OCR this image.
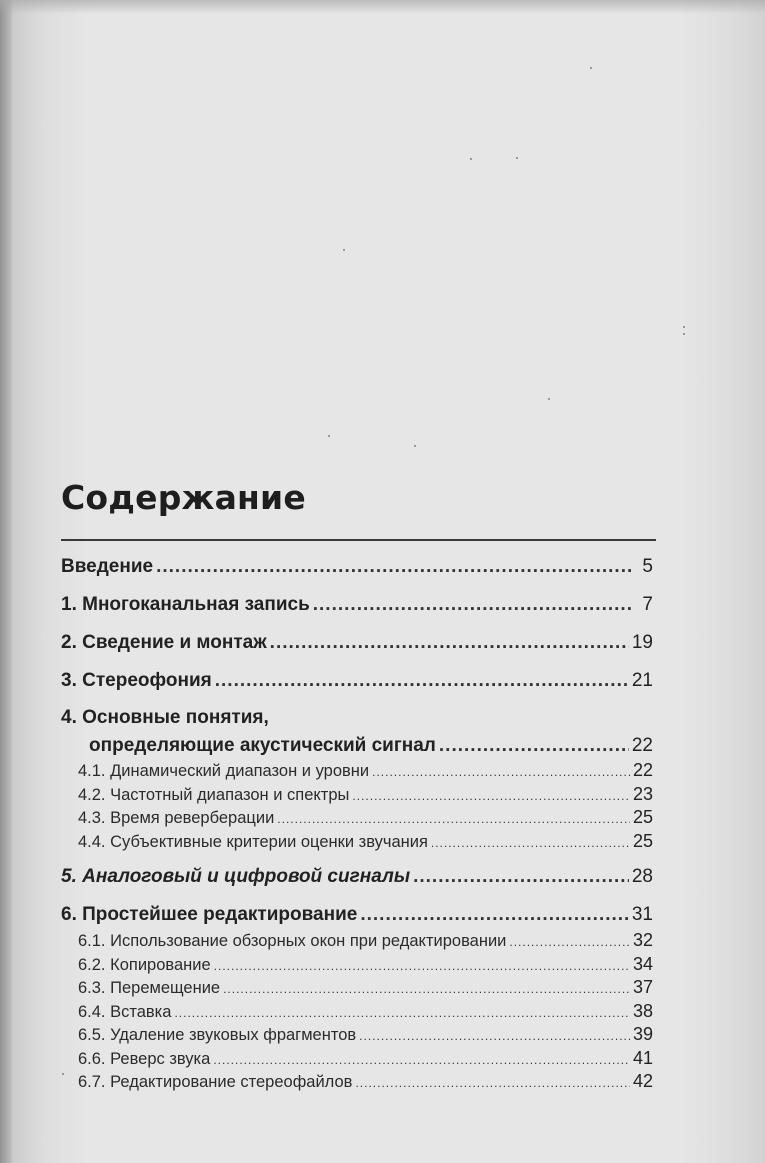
Содержание
Введение .....	5
1. Многоканальная запись .....	7
2. Сведение и монтаж .....	19
3. Стереофония .....	21
4. Основные понятия,
определяющие акустический сигнал .....	22
4.1. Динамический диапазон и уровни .....	22
4.2. Частотный диапазон и спектры .....	23
4.3. Время реверберации .....	25
4.4. Субъективные критерии оценки звучания .....	25
5. Аналоговый и цифровой сигналы .....	28
6. Простейшее редактирование .....	31
6.1. Использование обзорных окон при редактировании .....	32
6.2. Копирование .....	34
6.3. Перемещение .....	37
6.4. Вставка .....	38
6.5. Удаление звуковых фрагментов .....	39
6.6. Реверс звука .....	41
6.7. Редактирование стереофайлов .....	42
